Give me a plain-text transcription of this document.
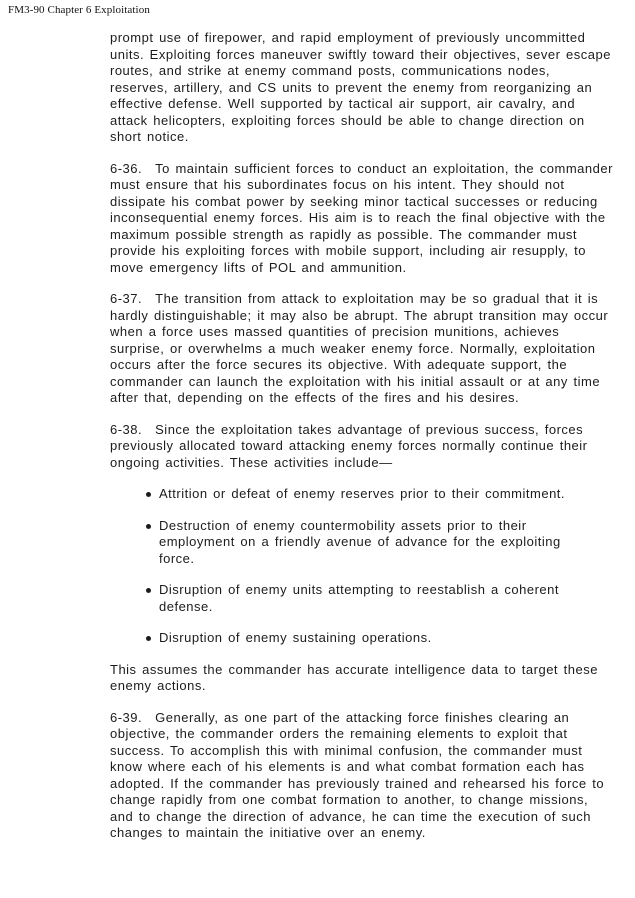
FM3-90 Chapter 6 Exploitation

prompt use of firepower, and rapid employment of previously uncommitted units. Exploiting forces maneuver swiftly toward their objectives, sever escape routes, and strike at enemy command posts, communications nodes, reserves, artillery, and CS units to prevent the enemy from reorganizing an effective defense. Well supported by tactical air support, air cavalry, and attack helicopters, exploiting forces should be able to change direction on short notice.

6-36. To maintain sufficient forces to conduct an exploitation, the commander must ensure that his subordinates focus on his intent. They should not dissipate his combat power by seeking minor tactical successes or reducing inconsequential enemy forces. His aim is to reach the final objective with the maximum possible strength as rapidly as possible. The commander must provide his exploiting forces with mobile support, including air resupply, to move emergency lifts of POL and ammunition.

6-37. The transition from attack to exploitation may be so gradual that it is hardly distinguishable; it may also be abrupt. The abrupt transition may occur when a force uses massed quantities of precision munitions, achieves surprise, or overwhelms a much weaker enemy force. Normally, exploitation occurs after the force secures its objective. With adequate support, the commander can launch the exploitation with his initial assault or at any time after that, depending on the effects of the fires and his desires.

6-38. Since the exploitation takes advantage of previous success, forces previously allocated toward attacking enemy forces normally continue their ongoing activities. These activities include—

Attrition or defeat of enemy reserves prior to their commitment.
Destruction of enemy countermobility assets prior to their employment on a friendly avenue of advance for the exploiting force.
Disruption of enemy units attempting to reestablish a coherent defense.
Disruption of enemy sustaining operations.

This assumes the commander has accurate intelligence data to target these enemy actions.

6-39. Generally, as one part of the attacking force finishes clearing an objective, the commander orders the remaining elements to exploit that success. To accomplish this with minimal confusion, the commander must know where each of his elements is and what combat formation each has adopted. If the commander has previously trained and rehearsed his force to change rapidly from one combat formation to another, to change missions, and to change the direction of advance, he can time the execution of such changes to maintain the initiative over an enemy.
